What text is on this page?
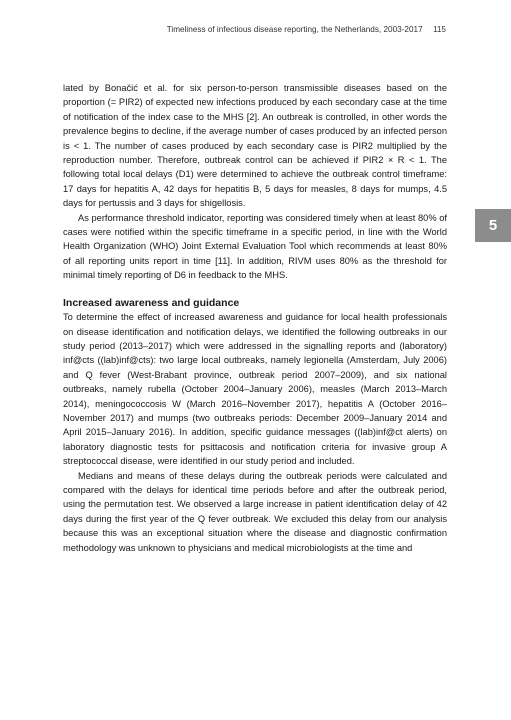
Timeliness of infectious disease reporting, the Netherlands, 2003-2017 115
5

lated by Bonačić et al. for six person-to-person transmissible diseases based on the proportion (= PIR2) of expected new infections produced by each secondary case at the time of notification of the index case to the MHS [2]. An outbreak is controlled, in other words the prevalence begins to decline, if the average number of cases produced by an infected person is < 1. The number of cases produced by each secondary case is PIR2 multiplied by the reproduction number. Therefore, outbreak control can be achieved if PIR2 × R < 1. The following total local delays (D1) were determined to achieve the outbreak control timeframe: 17 days for hepatitis A, 42 days for hepatitis B, 5 days for measles, 8 days for mumps, 4.5 days for pertussis and 3 days for shigellosis.

As performance threshold indicator, reporting was considered timely when at least 80% of cases were notified within the specific timeframe in a specific period, in line with the World Health Organization (WHO) Joint External Evaluation Tool which recommends at least 80% of all reporting units report in time [11]. In addition, RIVM uses 80% as the threshold for minimal timely reporting of D6 in feedback to the MHS.

Increased awareness and guidance

To determine the effect of increased awareness and guidance for local health professionals on disease identification and notification delays, we identified the following outbreaks in our study period (2013–2017) which were addressed in the signalling reports and (laboratory) inf@cts ((lab)inf@cts): two large local outbreaks, namely legionella (Amsterdam, July 2006) and Q fever (West-Brabant province, outbreak period 2007–2009), and six national outbreaks, namely rubella (October 2004–January 2006), measles (March 2013–March 2014), meningococcosis W (March 2016–November 2017), hepatitis A (October 2016–November 2017) and mumps (two outbreaks periods: December 2009–January 2014 and April 2015–January 2016). In addition, specific guidance messages ((lab)inf@ct alerts) on laboratory diagnostic tests for psittacosis and notification criteria for invasive group A streptococcal disease, were identified in our study period and included.

Medians and means of these delays during the outbreak periods were calculated and compared with the delays for identical time periods before and after the outbreak period, using the permutation test. We observed a large increase in patient identification delay of 42 days during the first year of the Q fever outbreak. We excluded this delay from our analysis because this was an exceptional situation where the disease and diagnostic confirmation methodology was unknown to physicians and medical microbiologists at the time and
